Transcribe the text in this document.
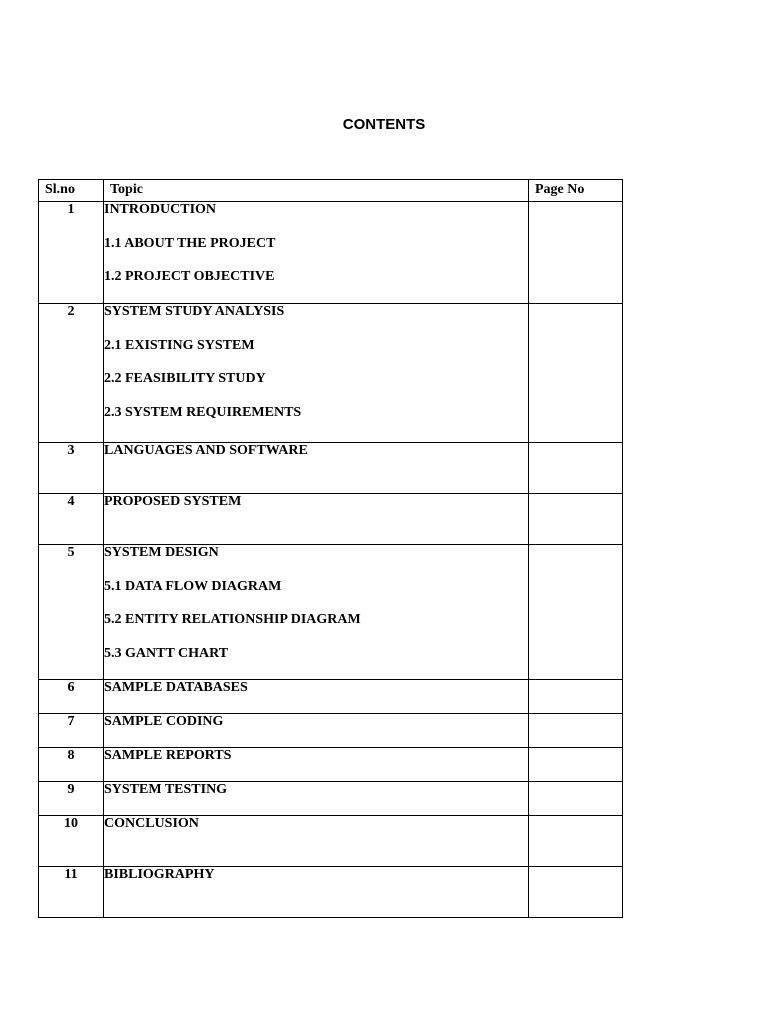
CONTENTS
Sl.no	Topic	Page No
1	INTRODUCTION
1.1 ABOUT THE PROJECT
1.2 PROJECT OBJECTIVE	

2	SYSTEM STUDY ANALYSIS
2.1 EXISTING SYSTEM
2.2 FEASIBILITY STUDY
2.3 SYSTEM REQUIREMENTS	

3	LANGUAGES AND SOFTWARE	

4	PROPOSED SYSTEM	

5	SYSTEM DESIGN
5.1 DATA FLOW DIAGRAM
5.2 ENTITY RELATIONSHIP DIAGRAM
5.3 GANTT CHART	

6	SAMPLE DATABASES	

7	SAMPLE CODING	

8	SAMPLE REPORTS	

9	SYSTEM TESTING	

10	CONCLUSION	

11	BIBLIOGRAPHY	
